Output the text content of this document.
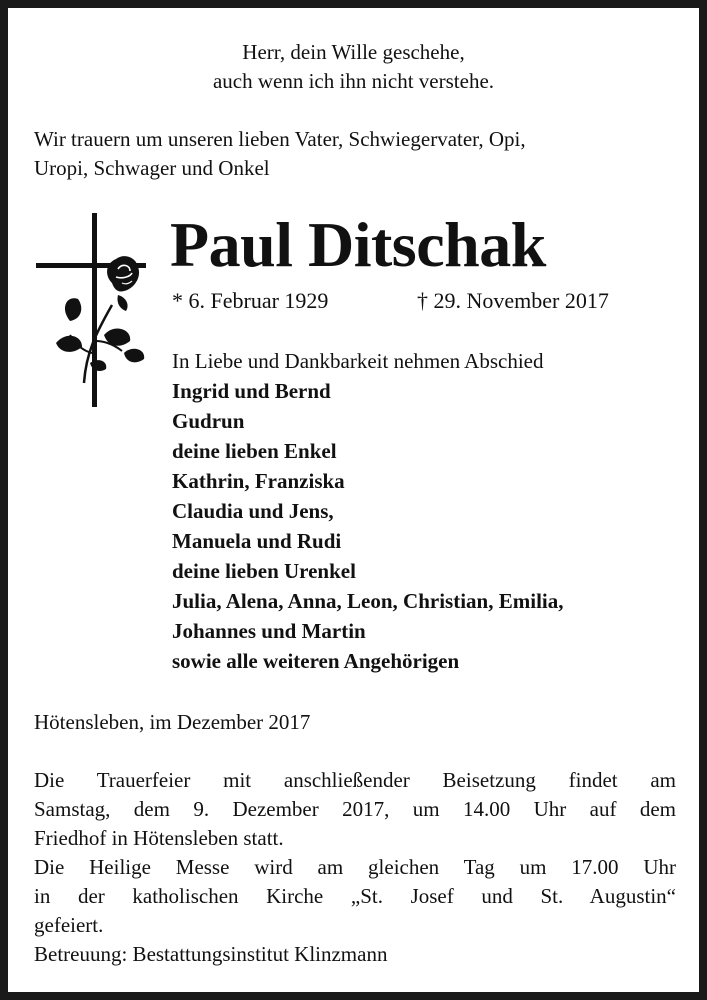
Herr, dein Wille geschehe,
auch wenn ich ihn nicht verstehe.
Wir trauern um unseren lieben Vater, Schwiegervater, Opi,
Uropi, Schwager und Onkel
Paul Ditschak
* 6. Februar 1929	† 29. November 2017
In Liebe und Dankbarkeit nehmen Abschied
Ingrid und Bernd
Gudrun
deine lieben Enkel
Kathrin, Franziska
Claudia und Jens,
Manuela und Rudi
deine lieben Urenkel
Julia, Alena, Anna, Leon, Christian, Emilia,
Johannes und Martin
sowie alle weiteren Angehörigen
Hötensleben, im Dezember 2017
Die Trauerfeier mit anschließender Beisetzung findet am
Samstag, dem 9. Dezember 2017, um 14.00 Uhr auf dem
Friedhof in Hötensleben statt.
Die Heilige Messe wird am gleichen Tag um 17.00 Uhr
in der katholischen Kirche „St. Josef und St. Augustin“
gefeiert.
Betreuung: Bestattungsinstitut Klinzmann
